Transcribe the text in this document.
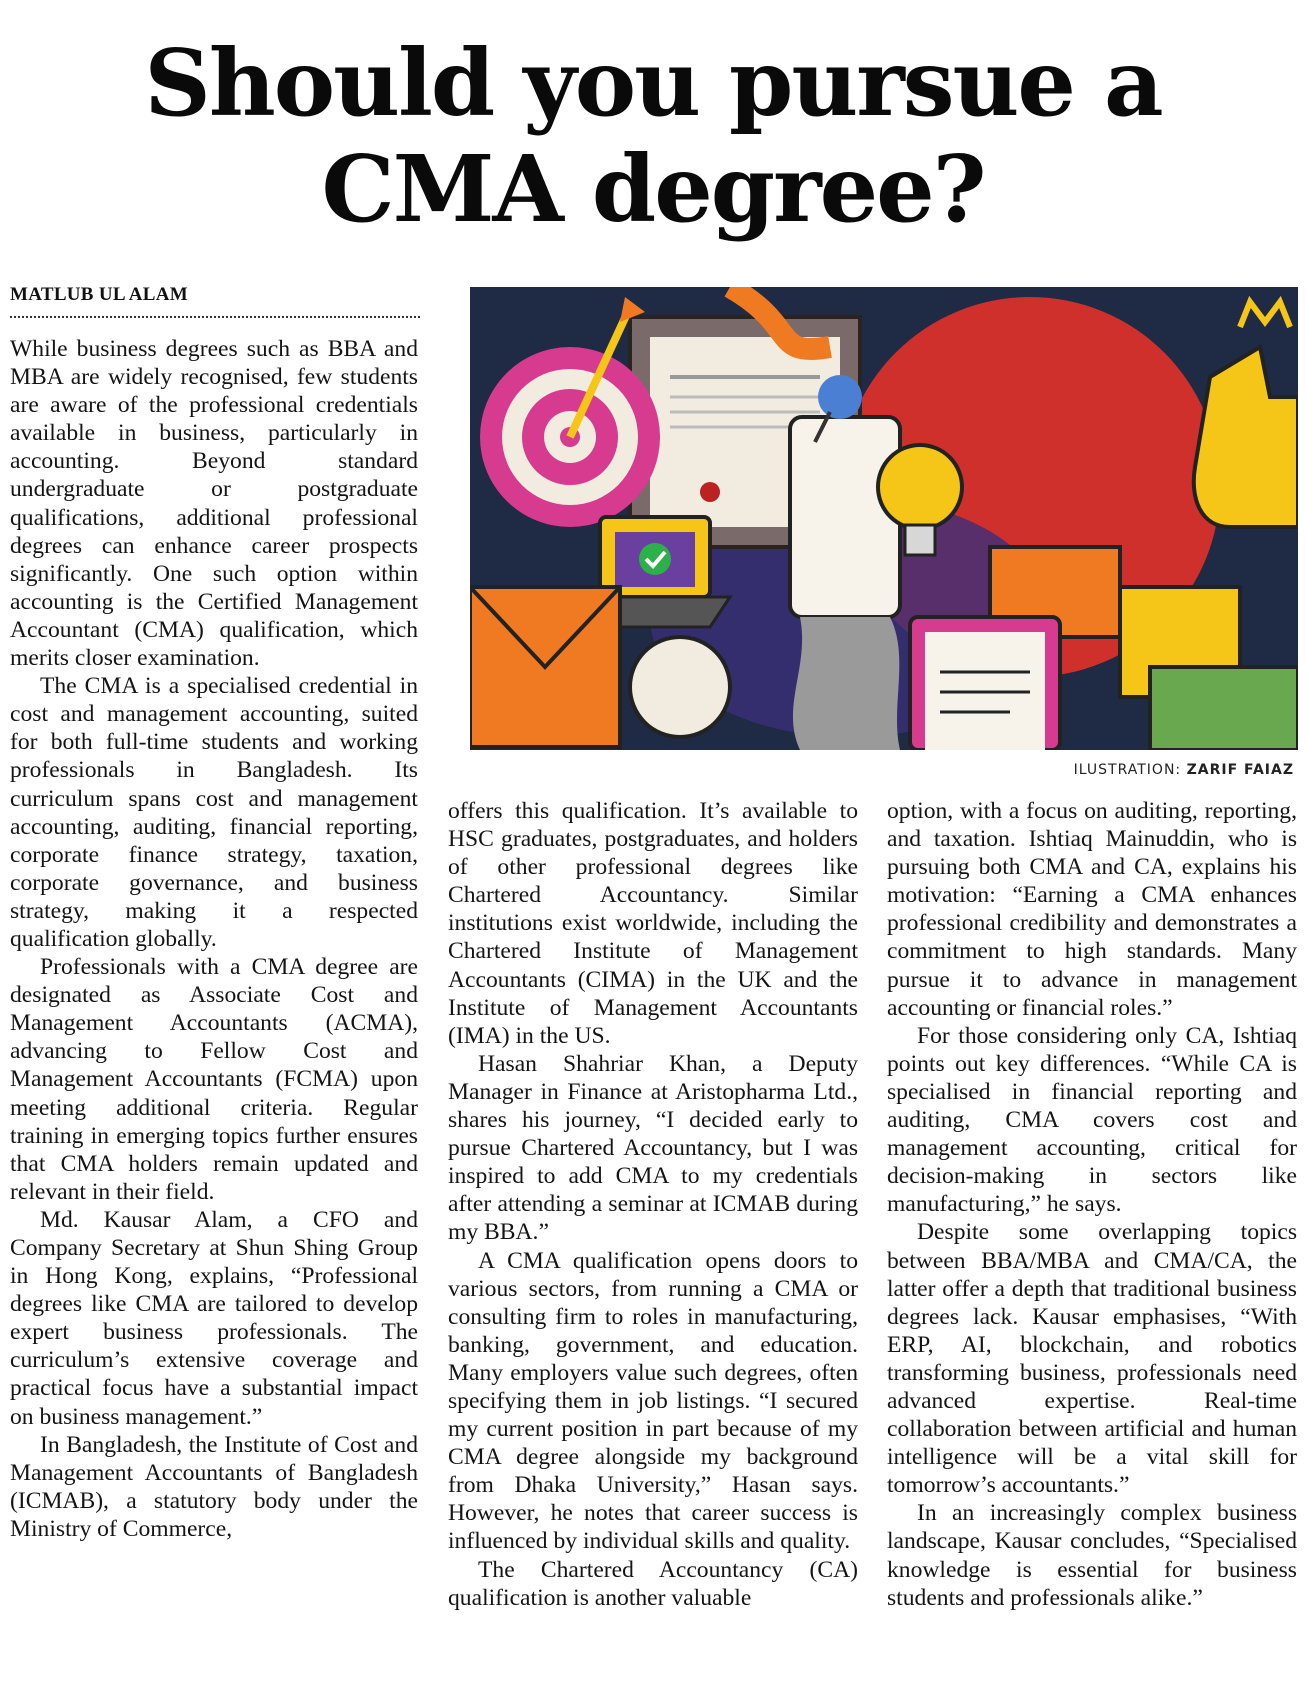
Should you pursue a
CMA degree?
MATLUB UL ALAM

While business degrees such as BBA and MBA are widely recognised, few students are aware of the professional credentials available in business, particularly in accounting. Beyond standard undergraduate or postgraduate qualifications, additional professional degrees can enhance career prospects significantly. One such option within accounting is the Certified Management Accountant (CMA) qualification, which merits closer examination.

The CMA is a specialised credential in cost and management accounting, suited for both full-time students and working professionals in Bangladesh. Its curriculum spans cost and management accounting, auditing, financial reporting, corporate finance strategy, taxation, corporate governance, and business strategy, making it a respected qualification globally.

Professionals with a CMA degree are designated as Associate Cost and Management Accountants (ACMA), advancing to Fellow Cost and Management Accountants (FCMA) upon meeting additional criteria. Regular training in emerging topics further ensures that CMA holders remain updated and relevant in their field.

Md. Kausar Alam, a CFO and Company Secretary at Shun Shing Group in Hong Kong, explains, “Professional degrees like CMA are tailored to develop expert business professionals. The curriculum’s extensive coverage and practical focus have a substantial impact on business management.”

In Bangladesh, the Institute of Cost and Management Accountants of Bangladesh (ICMAB), a statutory body under the Ministry of Commerce,

offers this qualification. It’s available to HSC graduates, postgraduates, and holders of other professional degrees like Chartered Accountancy. Similar institutions exist worldwide, including the Chartered Institute of Management Accountants (CIMA) in the UK and the Institute of Management Accountants (IMA) in the US.

Hasan Shahriar Khan, a Deputy Manager in Finance at Aristopharma Ltd., shares his journey, “I decided early to pursue Chartered Accountancy, but I was inspired to add CMA to my credentials after attending a seminar at ICMAB during my BBA.”

A CMA qualification opens doors to various sectors, from running a CMA or consulting firm to roles in manufacturing, banking, government, and education. Many employers value such degrees, often specifying them in job listings. “I secured my current position in part because of my CMA degree alongside my background from Dhaka University,” Hasan says. However, he notes that career success is influenced by individual skills and quality.

The Chartered Accountancy (CA) qualification is another valuable

option, with a focus on auditing, reporting, and taxation. Ishtiaq Mainuddin, who is pursuing both CMA and CA, explains his motivation: “Earning a CMA enhances professional credibility and demonstrates a commitment to high standards. Many pursue it to advance in management accounting or financial roles.”

For those considering only CA, Ishtiaq points out key differences. “While CA is specialised in financial reporting and auditing, CMA covers cost and management accounting, critical for decision-making in sectors like manufacturing,” he says.

Despite some overlapping topics between BBA/MBA and CMA/CA, the latter offer a depth that traditional business degrees lack. Kausar emphasises, “With ERP, AI, blockchain, and robotics transforming business, professionals need advanced expertise. Real-time collaboration between artificial and human intelligence will be a vital skill for tomorrow’s accountants.”

In an increasingly complex business landscape, Kausar concludes, “Specialised knowledge is essential for business students and professionals alike.”

ILUSTRATION: ZARIF FAIAZ
